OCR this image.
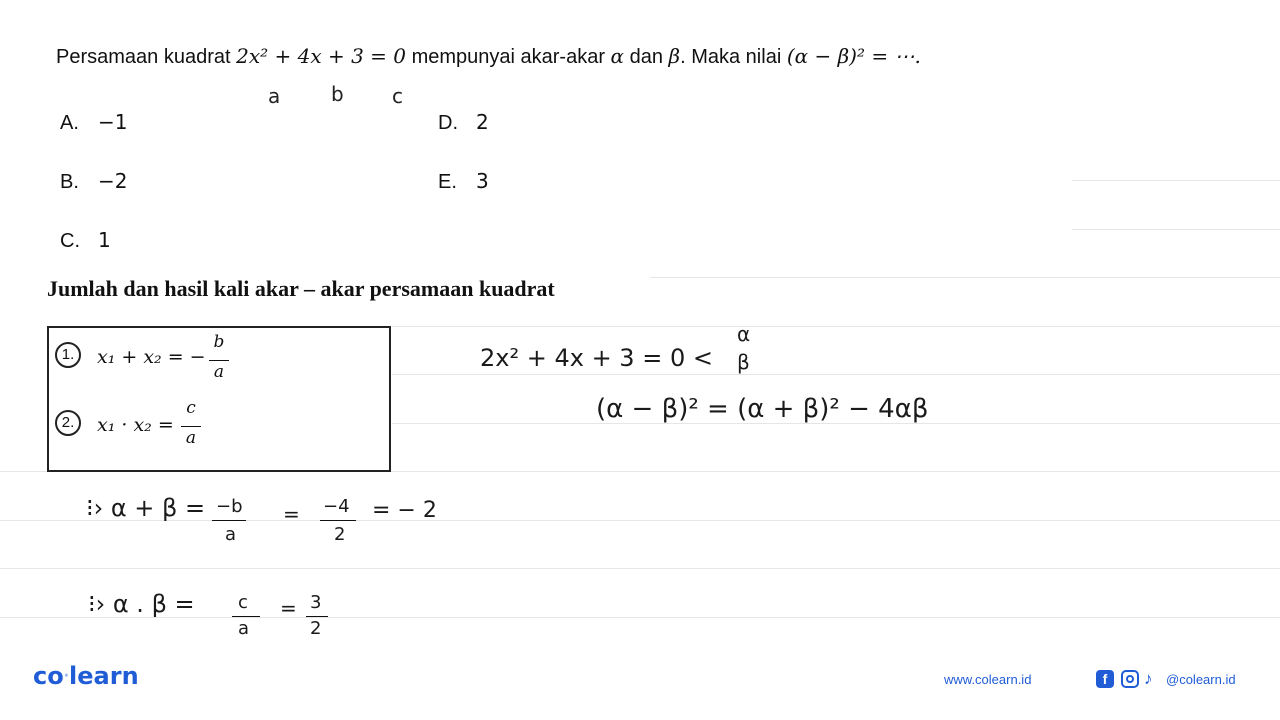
Persamaan kuadrat 2x² + 4x + 3 = 0 mempunyai akar-akar α dan β. Maka nilai (α − β)² = ⋯.
a	b c
A. −1
B. −2
C. 1
D. 2
E. 3
Jumlah dan hasil kali akar – akar persamaan kuadrat
1.	x₁ + x₂ = −
b
a
2.	x₁ · x₂ =
c
a
2x² + 4x + 3 = 0 <
α
β
(α − β)² = (α + β)² − 4αβ
⁝› α + β = −b
a
= −4
2
= − 2
⁝› α . β = c
a
= 3
2
co·learn	www.colearn.id	f	♪	@colearn.id
